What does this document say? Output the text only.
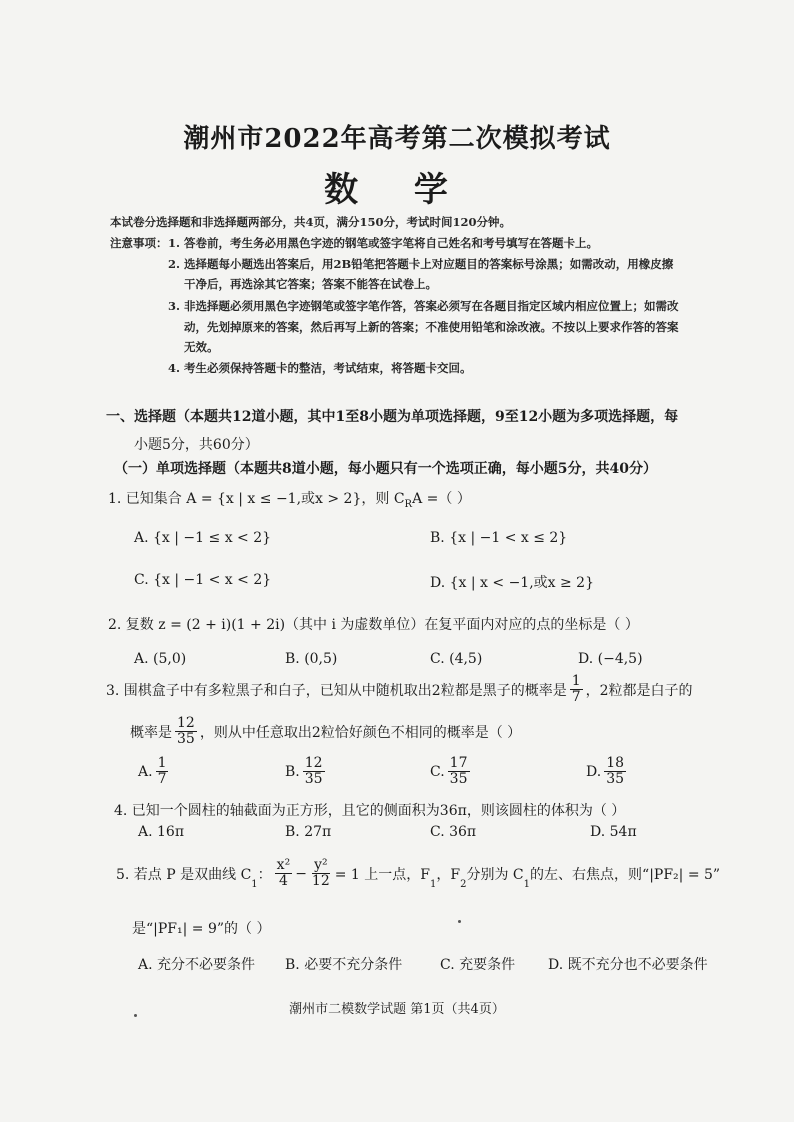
潮州市2022年高考第二次模拟考试
数 学
本试卷分选择题和非选择题两部分，共4页，满分150分，考试时间120分钟。
注意事项： 1. 答卷前，考生务必用黑色字迹的钢笔或签字笔将自己姓名和考号填写在答题卡上。
2. 选择题每小题选出答案后，用2B铅笔把答题卡上对应题目的答案标号涂黑；如需改动，用橡皮擦
干净后，再选涂其它答案；答案不能答在试卷上。
3. 非选择题必须用黑色字迹钢笔或签字笔作答，答案必须写在各题目指定区域内相应位置上；如需改
动，先划掉原来的答案，然后再写上新的答案；不准使用铅笔和涂改液。不按以上要求作答的答案
无效。
4. 考生必须保持答题卡的整洁，考试结束，将答题卡交回。
一、选择题（本题共12道小题，其中1至8小题为单项选择题，9至12小题为多项选择题，每
小题5分，共60分）
（一）单项选择题（本题共8道小题，每小题只有一个选项正确，每小题5分，共40分）
1. 已知集合 A = {x | x ≤ −1,或x > 2}，则 $C_RA$ =（ ）
A. {x | −1 ≤ x < 2}	B. {x | −1 < x ≤ 2}
C. {x | −1 < x < 2}	D. {x | x < −1,或x ≥ 2}
2. 复数 z = (2 + i)(1 + 2i)（其中 i 为虚数单位）在复平面内对应的点的坐标是（ ）
A. (5,0)	B. (0,5)	C. (4,5)	D. (−4,5)
3. 围棋盒子中有多粒黑子和白子，已知从中随机取出2粒都是黑子的概率是 $\frac{1}{7}$ ，2粒都是白子的
概率是 $\frac{12}{35}$ ，则从中任意取出2粒恰好颜色不相同的概率是（ ）
A. $\frac{1}{7}$	B. $\frac{12}{35}$	C. $\frac{17}{35}$	D. $\frac{18}{35}$
4. 已知一个圆柱的轴截面为正方形，且它的侧面积为36π，则该圆柱的体积为（ ）
A. 16π	B. 27π	C. 36π	D. 54π
5. 若点 P 是双曲线 C
$_1$
： $\frac{\text{x²}}{4} - \frac{\text{y²}}{12} = 1$ 上一点，F
$_1$
，F
$_2$
分别为 C
$_1$
的左、右焦点，则“|PF₂| = 5”
是“|PF₁| = 9”的（ ）
A. 充分不必要条件 B. 必要不充分条件	C. 充要条件 D. 既不充分也不必要条件
潮州市二模数学试题 第1页（共4页）
